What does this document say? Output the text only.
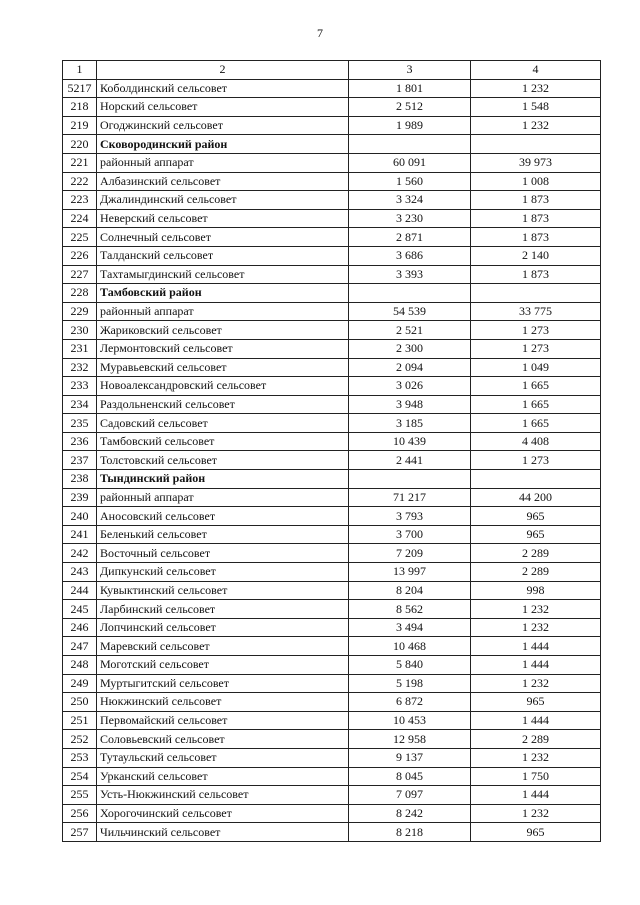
7
1	2	3	4
5217	Коболдинский сельсовет	1 801	1 232
218	Норский сельсовет	2 512	1 548
219	Огоджинский сельсовет	1 989	1 232
220	Сковородинский район		
221	районный аппарат	60 091	39 973
222	Албазинский сельсовет	1 560	1 008
223	Джалиндинский сельсовет	3 324	1 873
224	Неверский сельсовет	3 230	1 873
225	Солнечный сельсовет	2 871	1 873
226	Талданский сельсовет	3 686	2 140
227	Тахтамыгдинский сельсовет	3 393	1 873
228	Тамбовский район		
229	районный аппарат	54 539	33 775
230	Жариковский сельсовет	2 521	1 273
231	Лермонтовский сельсовет	2 300	1 273
232	Муравьевский сельсовет	2 094	1 049
233	Новоалександровский сельсовет	3 026	1 665
234	Раздольненский сельсовет	3 948	1 665
235	Садовский сельсовет	3 185	1 665
236	Тамбовский сельсовет	10 439	4 408
237	Толстовский сельсовет	2 441	1 273
238	Тындинский район		
239	районный аппарат	71 217	44 200
240	Аносовский сельсовет	3 793	965
241	Беленький сельсовет	3 700	965
242	Восточный сельсовет	7 209	2 289
243	Дипкунский сельсовет	13 997	2 289
244	Кувыктинский сельсовет	8 204	998
245	Ларбинский сельсовет	8 562	1 232
246	Лопчинский сельсовет	3 494	1 232
247	Маревский сельсовет	10 468	1 444
248	Моготский сельсовет	5 840	1 444
249	Муртыгитский сельсовет	5 198	1 232
250	Нюкжинский сельсовет	6 872	965
251	Первомайский сельсовет	10 453	1 444
252	Соловьевский сельсовет	12 958	2 289
253	Тутаульский сельсовет	9 137	1 232
254	Урканский сельсовет	8 045	1 750
255	Усть-Нюкжинский сельсовет	7 097	1 444
256	Хорогочинский сельсовет	8 242	1 232
257	Чильчинский сельсовет	8 218	965
